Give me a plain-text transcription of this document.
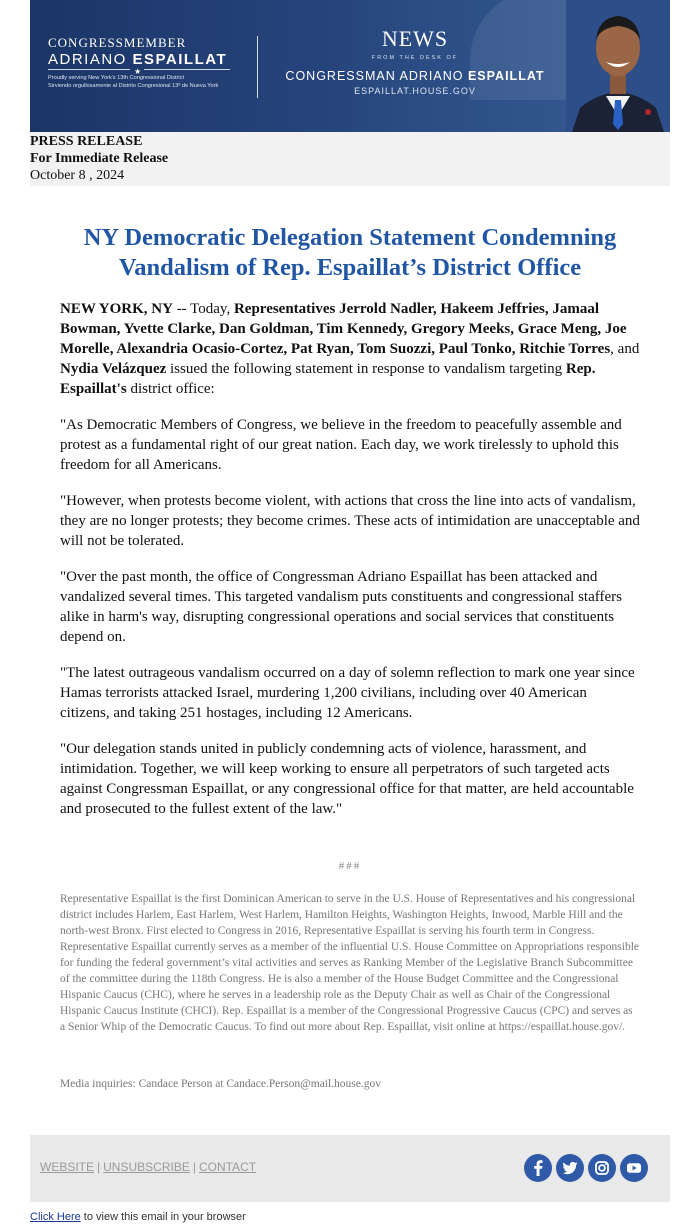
CONGRESSMEMBER
ADRIANO ESPAILLAT
★
Proudly serving New York's 13th Congressional District
Sirviendo orgullosamente al Distrito Congresional 13º de Nueva York
NEWS
FROM THE DESK OF
CONGRESSMAN ADRIANO ESPAILLAT
ESPAILLAT.HOUSE.GOV
PRESS RELEASE
For Immediate Release
October 8 , 2024
NY Democratic Delegation Statement Condemning Vandalism of Rep. Espaillat’s District Office

NEW YORK, NY -- Today, Representatives Jerrold Nadler, Hakeem Jeffries, Jamaal Bowman, Yvette Clarke, Dan Goldman, Tim Kennedy, Gregory Meeks, Grace Meng, Joe Morelle, Alexandria Ocasio-Cortez, Pat Ryan, Tom Suozzi, Paul Tonko, Ritchie Torres, and Nydia Velázquez issued the following statement in response to vandalism targeting Rep. Espaillat's district office:

"As Democratic Members of Congress, we believe in the freedom to peacefully assemble and protest as a fundamental right of our great nation. Each day, we work tirelessly to uphold this freedom for all Americans.

"However, when protests become violent, with actions that cross the line into acts of vandalism, they are no longer protests; they become crimes. These acts of intimidation are unacceptable and will not be tolerated.

"Over the past month, the office of Congressman Adriano Espaillat has been attacked and vandalized several times. This targeted vandalism puts constituents and congressional staffers alike in harm's way, disrupting congressional operations and social services that constituents depend on.

"The latest outrageous vandalism occurred on a day of solemn reflection to mark one year since Hamas terrorists attacked Israel, murdering 1,200 civilians, including over 40 American citizens, and taking 251 hostages, including 12 Americans.

"Our delegation stands united in publicly condemning acts of violence, harassment, and intimidation. Together, we will keep working to ensure all perpetrators of such targeted acts against Congressman Espaillat, or any congressional office for that matter, are held accountable and prosecuted to the fullest extent of the law."

###
Representative Espaillat is the first Dominican American to serve in the U.S. House of Representatives and his congressional district includes Harlem, East Harlem, West Harlem, Hamilton Heights, Washington Heights, Inwood, Marble Hill and the north-west Bronx. First elected to Congress in 2016, Representative Espaillat is serving his fourth term in Congress. Representative Espaillat currently serves as a member of the influential U.S. House Committee on Appropriations responsible for funding the federal government’s vital activities and serves as Ranking Member of the Legislative Branch Subcommittee of the committee during the 118th Congress. He is also a member of the House Budget Committee and the Congressional Hispanic Caucus (CHC), where he serves in a leadership role as the Deputy Chair as well as Chair of the Congressional Hispanic Caucus Institute (CHCI). Rep. Espaillat is a member of the Congressional Progressive Caucus (CPC) and serves as a Senior Whip of the Democratic Caucus. To find out more about Rep. Espaillat, visit online at https://espaillat.house.gov/.
Media inquiries: Candace Person at Candace.Person@mail.house.gov
WEBSITE | UNSUBSCRIBE | CONTACT
Click Here to view this email in your browser
